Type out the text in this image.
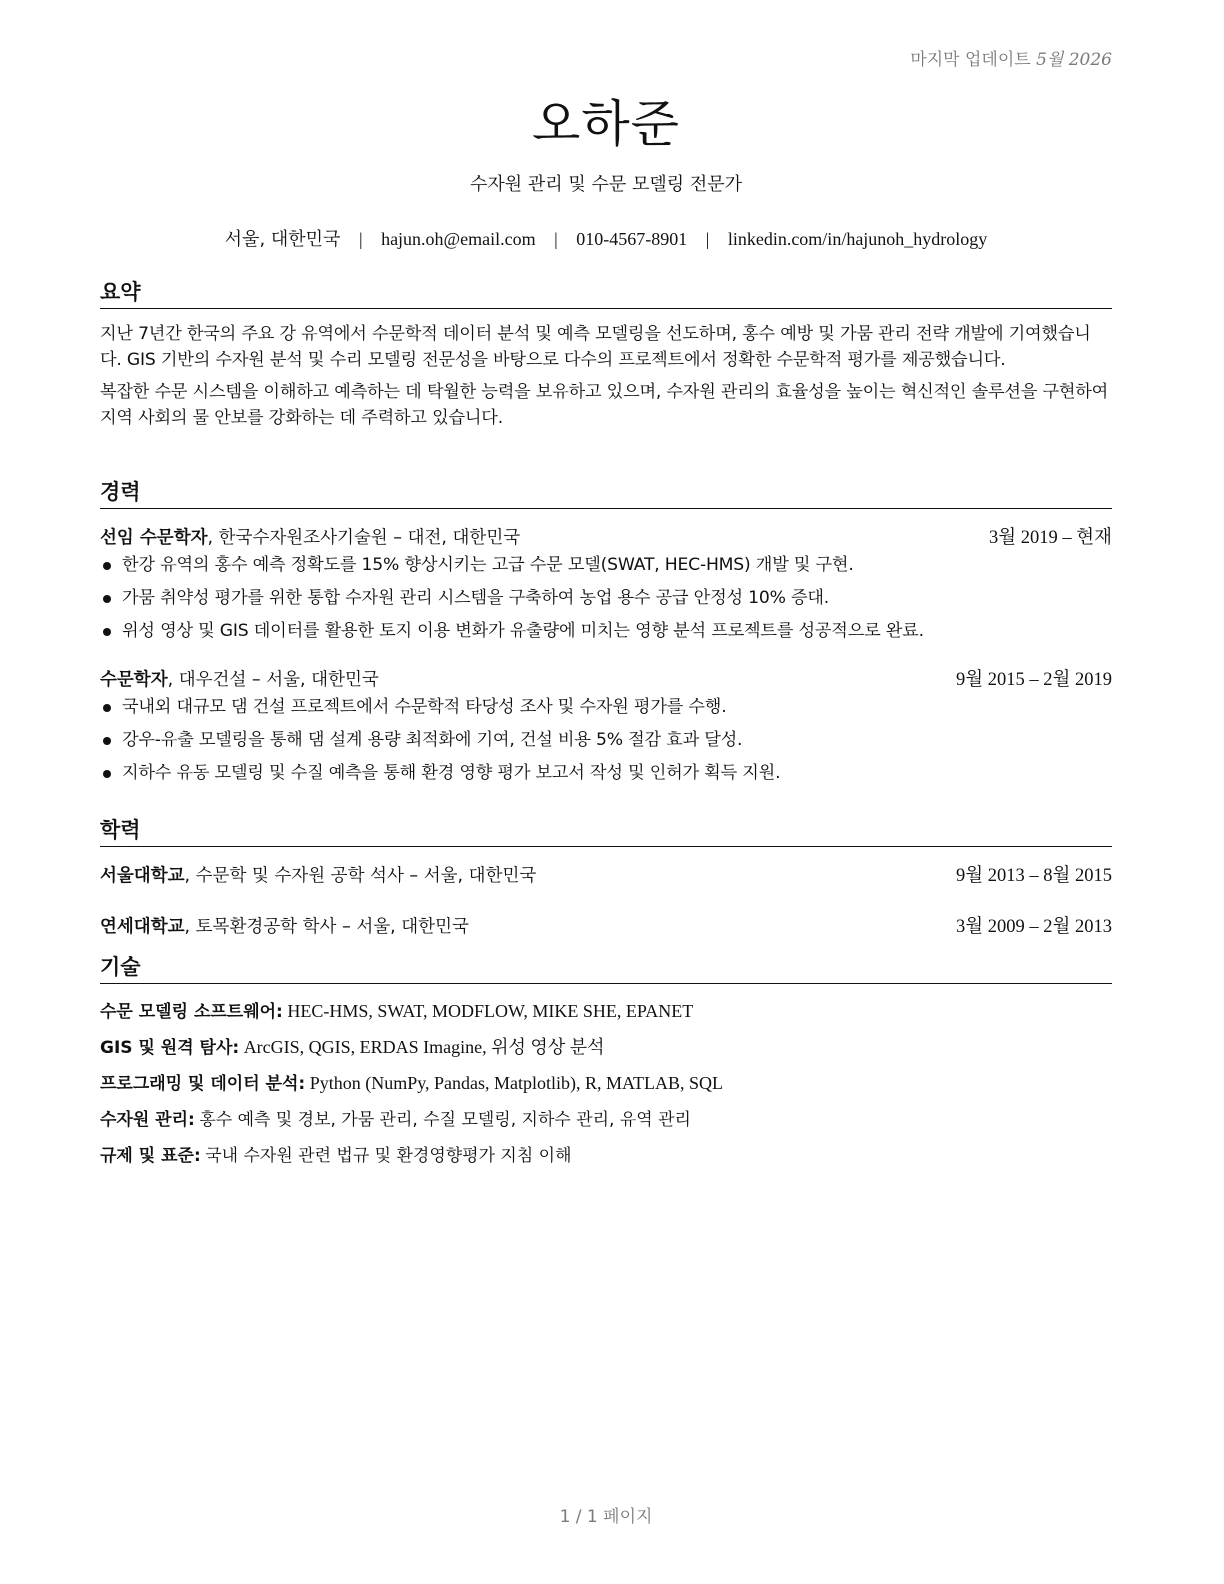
마지막 업데이트 5월 2026
오하준
수자원 관리 및 수문 모델링 전문가
서울, 대한민국 | hajun.oh@email.com | 010-4567-8901 | linkedin.com/in/hajunoh_hydrology
요약

지난 7년간 한국의 주요 강 유역에서 수문학적 데이터 분석 및 예측 모델링을 선도하며, 홍수 예방 및 가뭄 관리 전략 개발에 기여했습니다. GIS 기반의 수자원 분석 및 수리 모델링 전문성을 바탕으로 다수의 프로젝트에서 정확한 수문학적 평가를 제공했습니다.

복잡한 수문 시스템을 이해하고 예측하는 데 탁월한 능력을 보유하고 있으며, 수자원 관리의 효율성을 높이는 혁신적인 솔루션을 구현하여 지역 사회의 물 안보를 강화하는 데 주력하고 있습니다.

경력
선임 수문학자, 한국수자원조사기술원 – 대전, 대한민국	3월 2019 – 현재
한강 유역의 홍수 예측 정확도를 15% 향상시키는 고급 수문 모델(SWAT, HEC-HMS) 개발 및 구현.
가뭄 취약성 평가를 위한 통합 수자원 관리 시스템을 구축하여 농업 용수 공급 안정성 10% 증대.
위성 영상 및 GIS 데이터를 활용한 토지 이용 변화가 유출량에 미치는 영향 분석 프로젝트를 성공적으로 완료.
수문학자, 대우건설 – 서울, 대한민국	9월 2015 – 2월 2019
국내외 대규모 댐 건설 프로젝트에서 수문학적 타당성 조사 및 수자원 평가를 수행.
강우-유출 모델링을 통해 댐 설계 용량 최적화에 기여, 건설 비용 5% 절감 효과 달성.
지하수 유동 모델링 및 수질 예측을 통해 환경 영향 평가 보고서 작성 및 인허가 획득 지원.
학력
서울대학교, 수문학 및 수자원 공학 석사 – 서울, 대한민국	9월 2013 – 8월 2015
연세대학교, 토목환경공학 학사 – 서울, 대한민국	3월 2009 – 2월 2013
기술
수문 모델링 소프트웨어: HEC-HMS, SWAT, MODFLOW, MIKE SHE, EPANET
GIS 및 원격 탐사: ArcGIS, QGIS, ERDAS Imagine, 위성 영상 분석
프로그래밍 및 데이터 분석: Python (NumPy, Pandas, Matplotlib), R, MATLAB, SQL
수자원 관리: 홍수 예측 및 경보, 가뭄 관리, 수질 모델링, 지하수 관리, 유역 관리
규제 및 표준: 국내 수자원 관련 법규 및 환경영향평가 지침 이해
1 / 1 페이지
